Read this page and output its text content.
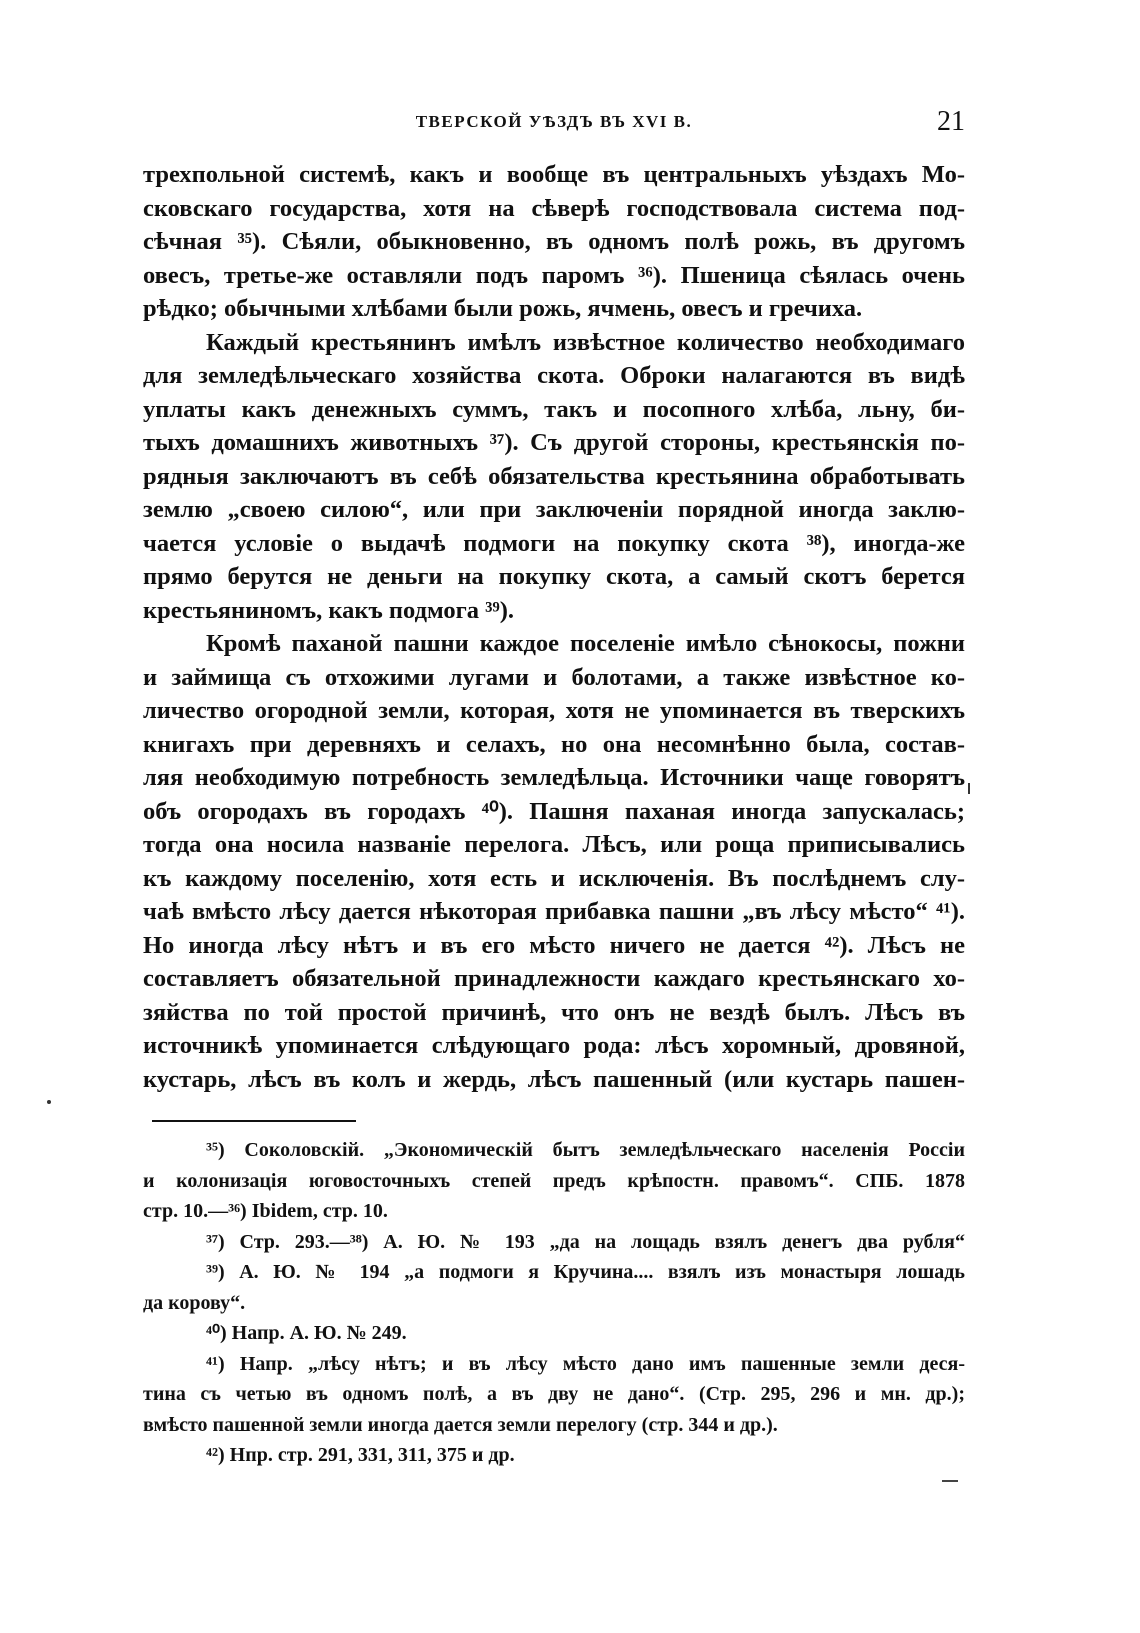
ТВЕРСКОЙ УѢЗДЪ ВЪ XVI В.	21
трехпольной системѣ, какъ и вообще въ центральныхъ уѣздахъ Мо-
сковскаго государства, хотя на сѣверѣ господствовала система под-
сѣчная ³⁵). Сѣяли, обыкновенно, въ одномъ полѣ рожь, въ другомъ
овесъ, третье-же оставляли подъ паромъ ³⁶). Пшеница сѣялась очень
рѣдко; обычными хлѣбами были рожь, ячмень, овесъ и гречиха.
Каждый крестьянинъ имѣлъ извѣстное количество необходимаго
для земледѣльческаго хозяйства скота. Оброки налагаются въ видѣ
уплаты какъ денежныхъ суммъ, такъ и посопного хлѣба, льну, би-
тыхъ домашнихъ животныхъ ³⁷). Съ другой стороны, крестьянскія по-
рядныя заключаютъ въ себѣ обязательства крестьянина обработывать
землю „своею силою“, или при заключеніи порядной иногда заклю-
чается условіе о выдачѣ подмоги на покупку скота ³⁸), иногда-же
прямо берутся не деньги на покупку скота, а самый скотъ берется
крестьяниномъ, какъ подмога ³⁹).
Кромѣ паханой пашни каждое поселеніе имѣло сѣнокосы, пожни
и займища съ отхожими лугами и болотами, а также извѣстное ко-
личество огородной земли, которая, хотя не упоминается въ тверскихъ
книгахъ при деревняхъ и селахъ, но она несомнѣнно была, состав-
ляя необходимую потребность земледѣльца. Источники чаще говорятъ
объ огородахъ въ городахъ ⁴⁰). Пашня паханая иногда запускалась;
тогда она носила названіе перелога. Лѣсъ, или роща приписывались
къ каждому поселенію, хотя есть и исключенія. Въ послѣднемъ слу-
чаѣ вмѣсто лѣсу дается нѣкоторая прибавка пашни „въ лѣсу мѣсто“ ⁴¹).
Но иногда лѣсу нѣтъ и въ его мѣсто ничего не дается ⁴²). Лѣсъ не
составляетъ обязательной принадлежности каждаго крестьянскаго хо-
зяйства по той простой причинѣ, что онъ не вездѣ былъ. Лѣсъ въ
источникѣ упоминается слѣдующаго рода: лѣсъ хоромный, дровяной,
кустарь, лѣсъ въ колъ и жердь, лѣсъ пашенный (или кустарь пашен-
³⁵) Соколовскій. „Экономическій бытъ земледѣльческаго населенія Россіи
и колонизація юговосточныхъ степей предъ крѣпостн. правомъ“. СПБ. 1878
стр. 10.—³⁶) Ibidem, стр. 10.
³⁷) Стр. 293.—³⁸) А. Ю. № 193 „да на лощадь взялъ денегъ два рубля“
³⁹) А. Ю. № 194 „а подмоги я Кручина.... взялъ изъ монастыря лошадь
да корову“.
⁴⁰) Напр. А. Ю. № 249.
⁴¹) Напр. „лѣсу нѣтъ; и въ лѣсу мѣсто дано имъ пашенные земли деся-
тина съ четью въ одномъ полѣ, а въ дву не дано“. (Стр. 295, 296 и мн. др.);
вмѣсто пашенной земли иногда дается земли перелогу (стр. 344 и др.).
⁴²) Нпр. стр. 291, 331, 311, 375 и др.
